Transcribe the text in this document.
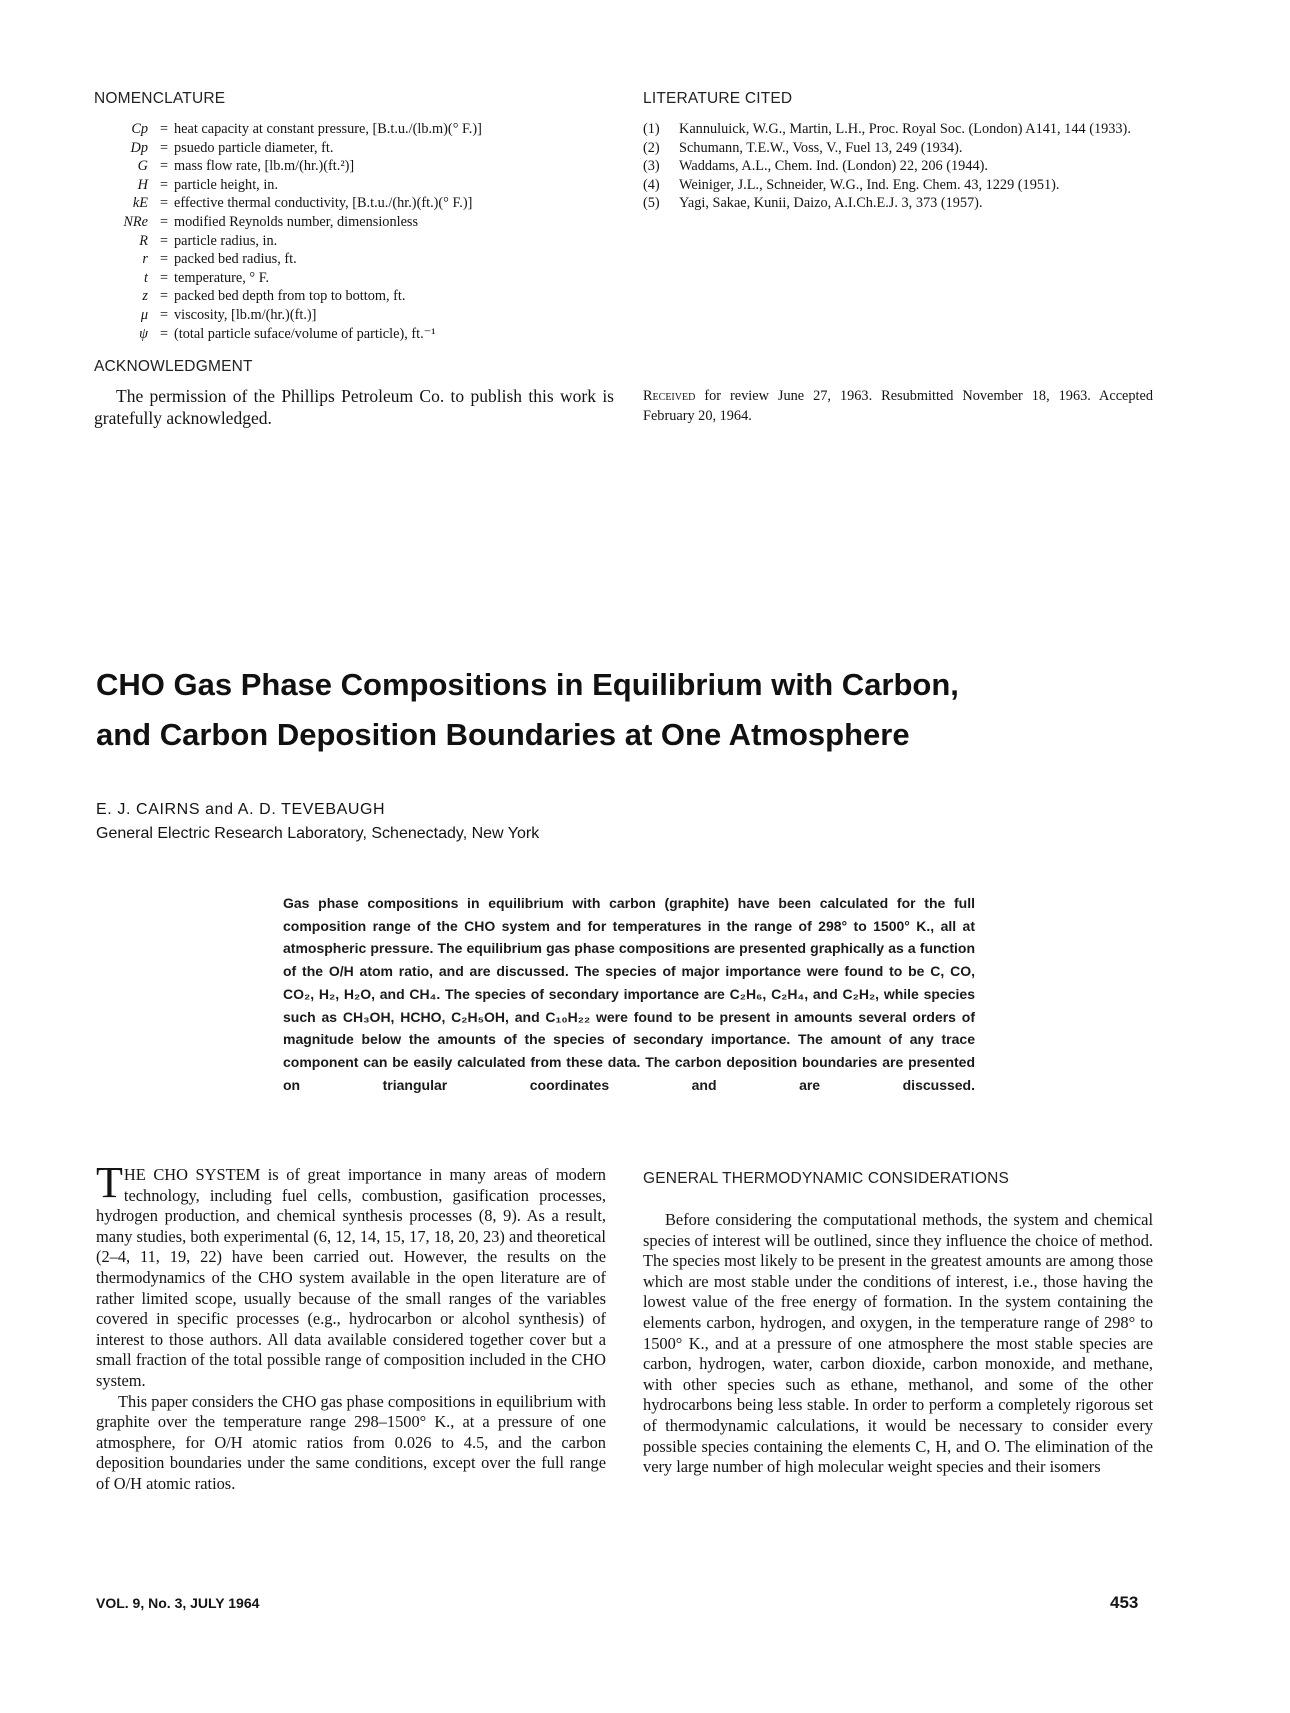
NOMENCLATURE
Cp = heat capacity at constant pressure, [B.t.u./(lb.m)(° F.)]
Dp = psuedo particle diameter, ft.
G = mass flow rate, [lb.m/(hr.)(ft.²)]
H = particle height, in.
kE = effective thermal conductivity, [B.t.u./(hr.)(ft.)(° F.)]
NRe = modified Reynolds number, dimensionless
R = particle radius, in.
r = packed bed radius, ft.
t = temperature, ° F.
z = packed bed depth from top to bottom, ft.
μ = viscosity, [lb.m/(hr.)(ft.)]
ψ = (total particle suface/volume of particle), ft.⁻¹
LITERATURE CITED
(1)	Kannuluick, W.G., Martin, L.H., Proc. Royal Soc. (London) A141, 144 (1933).
(2)	Schumann, T.E.W., Voss, V., Fuel 13, 249 (1934).
(3)	Waddams, A.L., Chem. Ind. (London) 22, 206 (1944).
(4)	Weiniger, J.L., Schneider, W.G., Ind. Eng. Chem. 43, 1229 (1951).
(5)	Yagi, Sakae, Kunii, Daizo, A.I.Ch.E.J. 3, 373 (1957).
ACKNOWLEDGMENT
The permission of the Phillips Petroleum Co. to publish this work is gratefully acknowledged.
Received for review June 27, 1963. Resubmitted November 18, 1963. Accepted February 20, 1964.
CHO Gas Phase Compositions in Equilibrium with Carbon,
and Carbon Deposition Boundaries at One Atmosphere
E. J. CAIRNS and A. D. TEVEBAUGH
General Electric Research Laboratory, Schenectady, New York
Gas phase compositions in equilibrium with carbon (graphite) have been calculated for the full composition range of the CHO system and for temperatures in the range of 298° to 1500° K., all at atmospheric pressure. The equilibrium gas phase compositions are presented graphically as a function of the O/H atom ratio, and are discussed. The species of major importance were found to be C, CO, CO₂, H₂, H₂O, and CH₄. The species of secondary importance are C₂H₆, C₂H₄, and C₂H₂, while species such as CH₃OH, HCHO, C₂H₅OH, and C₁₀H₂₂ were found to be present in amounts several orders of magnitude below the amounts of the species of secondary importance. The amount of any trace component can be easily calculated from these data. The carbon deposition boundaries are presented on triangular coordinates and are discussed.
THE CHO SYSTEM is of great importance in many areas of modern technology, including fuel cells, combustion, gasification processes, hydrogen production, and chemical synthesis processes (8, 9). As a result, many studies, both experimental (6, 12, 14, 15, 17, 18, 20, 23) and theoretical (2–4, 11, 19, 22) have been carried out. However, the results on the thermodynamics of the CHO system available in the open literature are of rather limited scope, usually because of the small ranges of the variables covered in specific processes (e.g., hydrocarbon or alcohol synthesis) of interest to those authors. All data available considered together cover but a small fraction of the total possible range of composition included in the CHO system.
This paper considers the CHO gas phase compositions in equilibrium with graphite over the temperature range 298–1500° K., at a pressure of one atmosphere, for O/H atomic ratios from 0.026 to 4.5, and the carbon deposition boundaries under the same conditions, except over the full range of O/H atomic ratios.
GENERAL THERMODYNAMIC CONSIDERATIONS
Before considering the computational methods, the system and chemical species of interest will be outlined, since they influence the choice of method. The species most likely to be present in the greatest amounts are among those which are most stable under the conditions of interest, i.e., those having the lowest value of the free energy of formation. In the system containing the elements carbon, hydrogen, and oxygen, in the temperature range of 298° to 1500° K., and at a pressure of one atmosphere the most stable species are carbon, hydrogen, water, carbon dioxide, carbon monoxide, and methane, with other species such as ethane, methanol, and some of the other hydrocarbons being less stable. In order to perform a completely rigorous set of thermodynamic calculations, it would be necessary to consider every possible species containing the elements C, H, and O. The elimination of the very large number of high molecular weight species and their isomers
VOL. 9, No. 3, JULY 1964	453
